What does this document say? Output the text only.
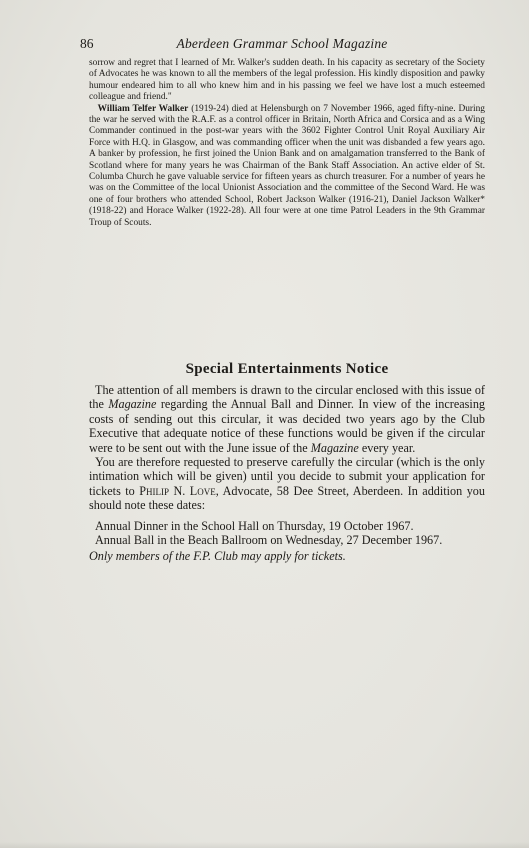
86	Aberdeen Grammar School Magazine

sorrow and regret that I learned of Mr. Walker's sudden death. In his capacity as secretary of the Society of Advocates he was known to all the members of the legal profession. His kindly disposition and pawky humour endeared him to all who knew him and in his passing we feel we have lost a much esteemed colleague and friend."

William Telfer Walker (1919-24) died at Helensburgh on 7 November 1966, aged fifty-nine. During the war he served with the R.A.F. as a control officer in Britain, North Africa and Corsica and as a Wing Commander continued in the post-war years with the 3602 Fighter Control Unit Royal Auxiliary Air Force with H.Q. in Glasgow, and was commanding officer when the unit was disbanded a few years ago. A banker by profession, he first joined the Union Bank and on amalgamation transferred to the Bank of Scotland where for many years he was Chairman of the Bank Staff Association. An active elder of St. Columba Church he gave valuable service for fifteen years as church treasurer. For a number of years he was on the Committee of the local Unionist Association and the committee of the Second Ward. He was one of four brothers who attended School, Robert Jackson Walker (1916-21), Daniel Jackson Walker* (1918-22) and Horace Walker (1922-28). All four were at one time Patrol Leaders in the 9th Grammar Troup of Scouts.

Special Entertainments Notice

The attention of all members is drawn to the circular enclosed with this issue of the Magazine regarding the Annual Ball and Dinner. In view of the increasing costs of sending out this circular, it was decided two years ago by the Club Executive that adequate notice of these functions would be given if the circular were to be sent out with the June issue of the Magazine every year.

You are therefore requested to preserve carefully the circular (which is the only intimation which will be given) until you decide to submit your application for tickets to Philip N. Love, Advocate, 58 Dee Street, Aberdeen. In addition you should note these dates:

Annual Dinner in the School Hall on Thursday, 19 October 1967.

Annual Ball in the Beach Ballroom on Wednesday, 27 December 1967.

Only members of the F.P. Club may apply for tickets.
